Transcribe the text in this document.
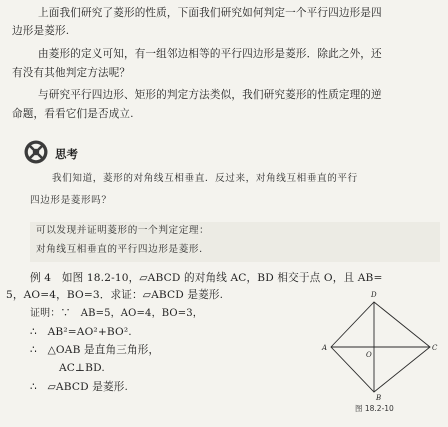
上面我们研究了菱形的性质，下面我们研究如何判定一个平行四边形是四
边形是菱形.
由菱形的定义可知，有一组邻边相等的平行四边形是菱形．除此之外，还
有没有其他判定方法呢？
与研究平行四边形、矩形的判定方法类似，我们研究菱形的性质定理的逆
命题，看看它们是否成立.
思考
我们知道，菱形的对角线互相垂直．反过来，对角线互相垂直的平行
四边形是菱形吗？
可以发现并证明菱形的一个判定定理：
对角线互相垂直的平行四边形是菱形.
例 4　如图 18.2-10，▱ABCD 的对角线 AC，BD 相交于点 O，且 AB=
5，AO=4，BO=3．求证：▱ABCD 是菱形.
证明：∵　AB=5，AO=4，BO=3，
∴　AB²=AO²+BO².
∴　△OAB 是直角三角形，
AC⊥BD.
∴　▱ABCD 是菱形.
A
B
C
D
O
图 18.2-10
